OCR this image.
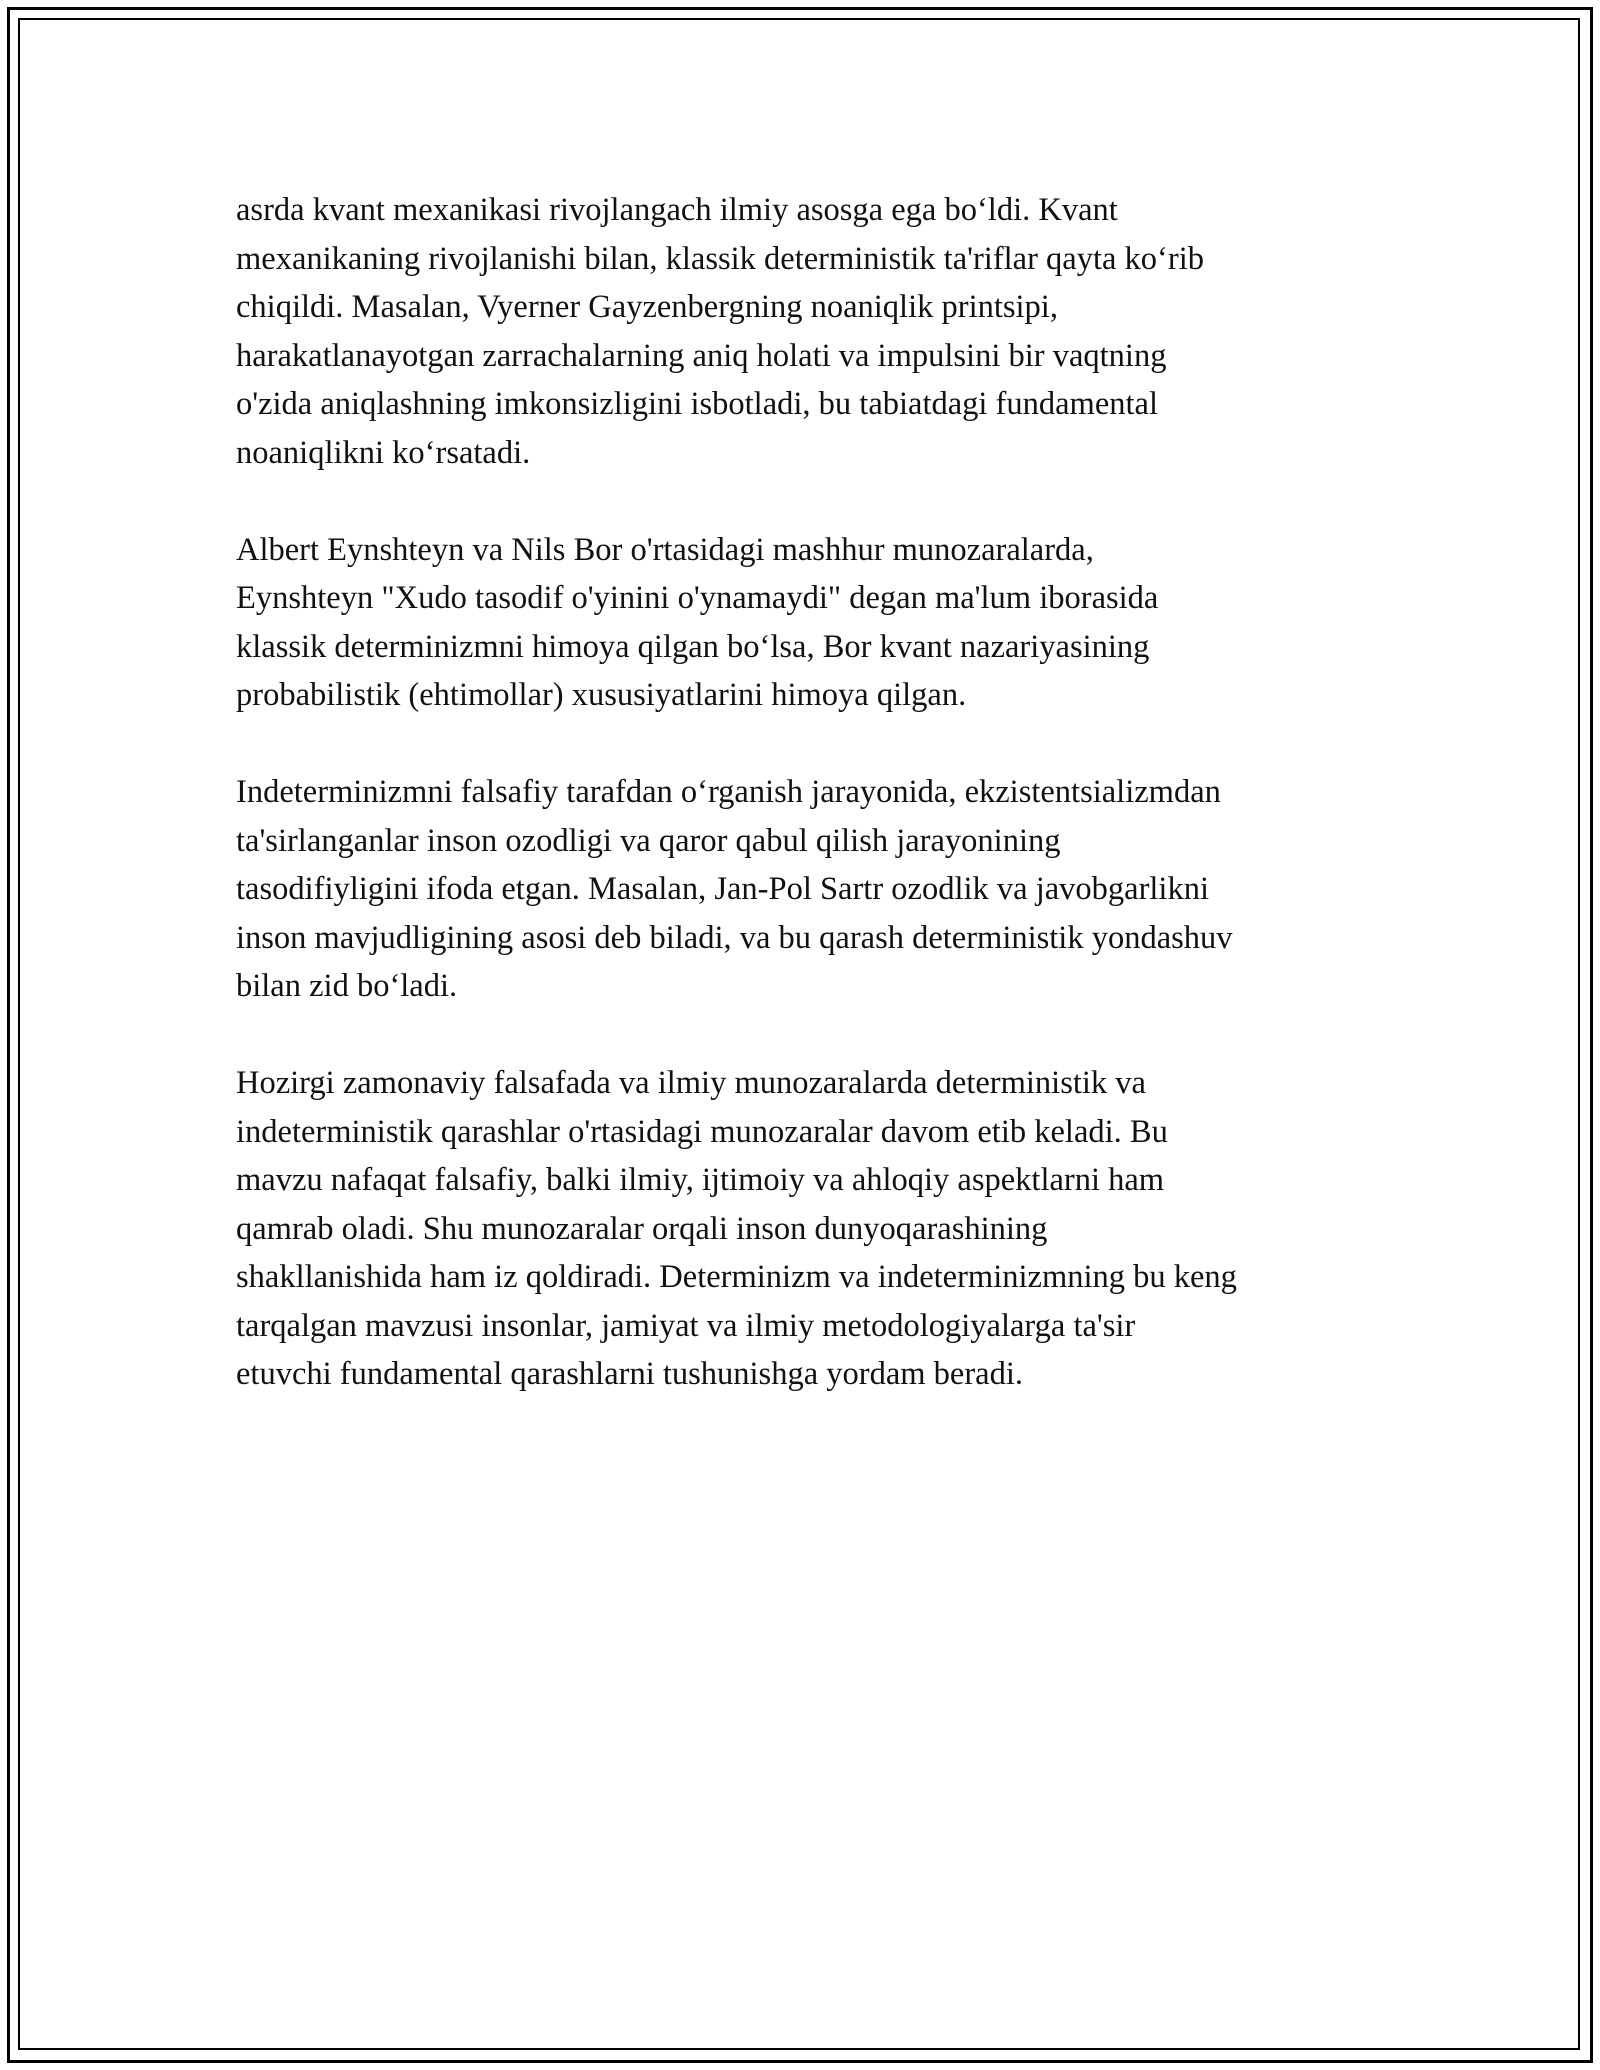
asrda kvant mexanikasi rivojlangach ilmiy asosga ega bo‘ldi. Kvant
mexanikaning rivojlanishi bilan, klassik deterministik ta'riflar qayta ko‘rib
chiqildi. Masalan, Vyerner Gayzenbergning noaniqlik printsipi,
harakatlanayotgan zarrachalarning aniq holati va impulsini bir vaqtning
o'zida aniqlashning imkonsizligini isbotladi, bu tabiatdagi fundamental
noaniqlikni ko‘rsatadi.

Albert Eynshteyn va Nils Bor o'rtasidagi mashhur munozaralarda,
Eynshteyn "Xudo tasodif o'yinini o'ynamaydi" degan ma'lum iborasida
klassik determinizmni himoya qilgan bo‘lsa, Bor kvant nazariyasining
probabilistik (ehtimollar) xususiyatlarini himoya qilgan.

Indeterminizmni falsafiy tarafdan o‘rganish jarayonida, ekzistentsializmdan
ta'sirlanganlar inson ozodligi va qaror qabul qilish jarayonining
tasodifiyligini ifoda etgan. Masalan, Jan-Pol Sartr ozodlik va javobgarlikni
inson mavjudligining asosi deb biladi, va bu qarash deterministik yondashuv
bilan zid bo‘ladi.

Hozirgi zamonaviy falsafada va ilmiy munozaralarda deterministik va
indeterministik qarashlar o'rtasidagi munozaralar davom etib keladi. Bu
mavzu nafaqat falsafiy, balki ilmiy, ijtimoiy va ahloqiy aspektlarni ham
qamrab oladi. Shu munozaralar orqali inson dunyoqarashining
shakllanishida ham iz qoldiradi. Determinizm va indeterminizmning bu keng
tarqalgan mavzusi insonlar, jamiyat va ilmiy metodologiyalarga ta'sir
etuvchi fundamental qarashlarni tushunishga yordam beradi.
